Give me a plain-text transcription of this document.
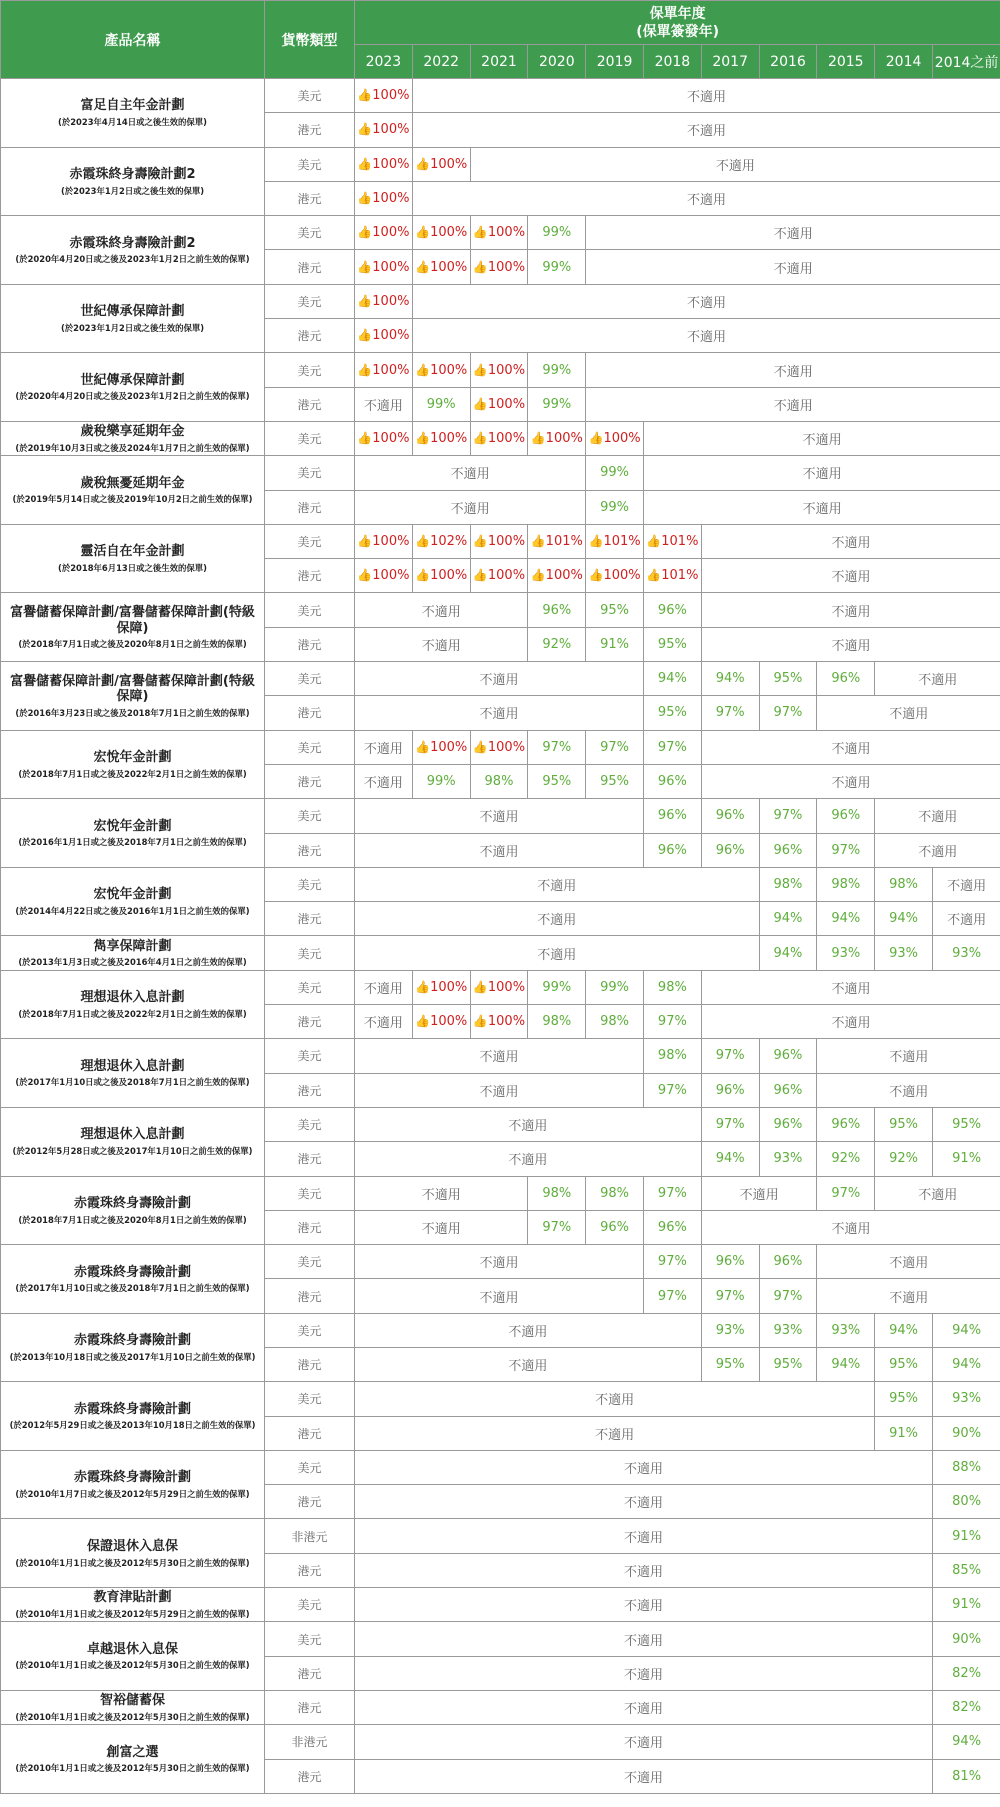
產品名稱	貨幣類型	保單年度
(保單簽發年)										

		2023	2022	2021	2020	2019	2018	2017	2016	2015	2014	2014之前

富足自主年金計劃
(於2023年4月14日或之後生效的保單)	美元	👍100%	不適用									
	港元	👍100%	不適用									

赤霞珠終身壽險計劃2
(於2023年1月2日或之後生效的保單)	美元	👍100%	👍100%	不適用								
	港元	👍100%	不適用									

赤霞珠終身壽險計劃2
(於2020年4月20日或之後及2023年1月2日之前生效的保單)	美元	👍100%	👍100%	👍100%	99%	不適用						
	港元	👍100%	👍100%	👍100%	99%	不適用						

世紀傳承保障計劃
(於2023年1月2日或之後生效的保單)	美元	👍100%	不適用									
	港元	👍100%	不適用									

世紀傳承保障計劃
(於2020年4月20日或之後及2023年1月2日之前生效的保單)	美元	👍100%	👍100%	👍100%	99%	不適用						
	港元	不適用	99%	👍100%	99%	不適用						

歲稅樂享延期年金
(於2019年10月3日或之後及2024年1月7日之前生效的保單)	美元	👍100%	👍100%	👍100%	👍100%	👍100%	不適用					

歲稅無憂延期年金
(於2019年5月14日或之後及2019年10月2日之前生效的保單)	美元	不適用				99%	不適用					
	港元	不適用				99%	不適用					

靈活自在年金計劃
(於2018年6月13日或之後生效的保單)	美元	👍100%	👍102%	👍100%	👍101%	👍101%	👍101%	不適用				
	港元	👍100%	👍100%	👍100%	👍100%	👍100%	👍101%	不適用				

富譽儲蓄保障計劃/富譽儲蓄保障計劃(特級保障)
(於2018年7月1日或之後及2020年8月1日之前生效的保單)	美元	不適用			96%	95%	96%	不適用				
	港元	不適用			92%	91%	95%	不適用				

富譽儲蓄保障計劃/富譽儲蓄保障計劃(特級保障)
(於2016年3月23日或之後及2018年7月1日之前生效的保單)	美元	不適用					94%	94%	95%	96%	不適用	
	港元	不適用					95%	97%	97%	不適用		

宏悅年金計劃
(於2018年7月1日或之後及2022年2月1日之前生效的保單)	美元	不適用	👍100%	👍100%	97%	97%	97%	不適用				
	港元	不適用	99%	98%	95%	95%	96%	不適用				

宏悅年金計劃
(於2016年1月1日或之後及2018年7月1日之前生效的保單)	美元	不適用					96%	96%	97%	96%	不適用	
	港元	不適用					96%	96%	96%	97%	不適用	

宏悅年金計劃
(於2014年4月22日或之後及2016年1月1日之前生效的保單)	美元	不適用							98%	98%	98%	不適用
	港元	不適用							94%	94%	94%	不適用

雋享保障計劃
(於2013年1月3日或之後及2016年4月1日之前生效的保單)	美元	不適用							94%	93%	93%	93%

理想退休入息計劃
(於2018年7月1日或之後及2022年2月1日之前生效的保單)	美元	不適用	👍100%	👍100%	99%	99%	98%	不適用				
	港元	不適用	👍100%	👍100%	98%	98%	97%	不適用				

理想退休入息計劃
(於2017年1月10日或之後及2018年7月1日之前生效的保單)	美元	不適用					98%	97%	96%	不適用		
	港元	不適用					97%	96%	96%	不適用		

理想退休入息計劃
(於2012年5月28日或之後及2017年1月10日之前生效的保單)	美元	不適用						97%	96%	96%	95%	95%
	港元	不適用						94%	93%	92%	92%	91%

赤霞珠終身壽險計劃
(於2018年7月1日或之後及2020年8月1日之前生效的保單)	美元	不適用			98%	98%	97%	不適用		97%	不適用	
	港元	不適用			97%	96%	96%	不適用				

赤霞珠終身壽險計劃
(於2017年1月10日或之後及2018年7月1日之前生效的保單)	美元	不適用					97%	96%	96%	不適用		
	港元	不適用					97%	97%	97%	不適用		

赤霞珠終身壽險計劃
(於2013年10月18日或之後及2017年1月10日之前生效的保單)	美元	不適用						93%	93%	93%	94%	94%
	港元	不適用						95%	95%	94%	95%	94%

赤霞珠終身壽險計劃
(於2012年5月29日或之後及2013年10月18日之前生效的保單)	美元	不適用									95%	93%
	港元	不適用									91%	90%

赤霞珠終身壽險計劃
(於2010年1月7日或之後及2012年5月29日之前生效的保單)	美元	不適用										88%
	港元	不適用										80%

保證退休入息保
(於2010年1月1日或之後及2012年5月30日之前生效的保單)	非港元	不適用										91%
	港元	不適用										85%

教育津貼計劃
(於2010年1月1日或之後及2012年5月29日之前生效的保單)	美元	不適用										91%

卓越退休入息保
(於2010年1月1日或之後及2012年5月30日之前生效的保單)	美元	不適用										90%
	港元	不適用										82%

智裕儲蓄保
(於2010年1月1日或之後及2012年5月30日之前生效的保單)	港元	不適用										82%

創富之選
(於2010年1月1日或之後及2012年5月30日之前生效的保單)	非港元	不適用										94%
	港元	不適用										81%
